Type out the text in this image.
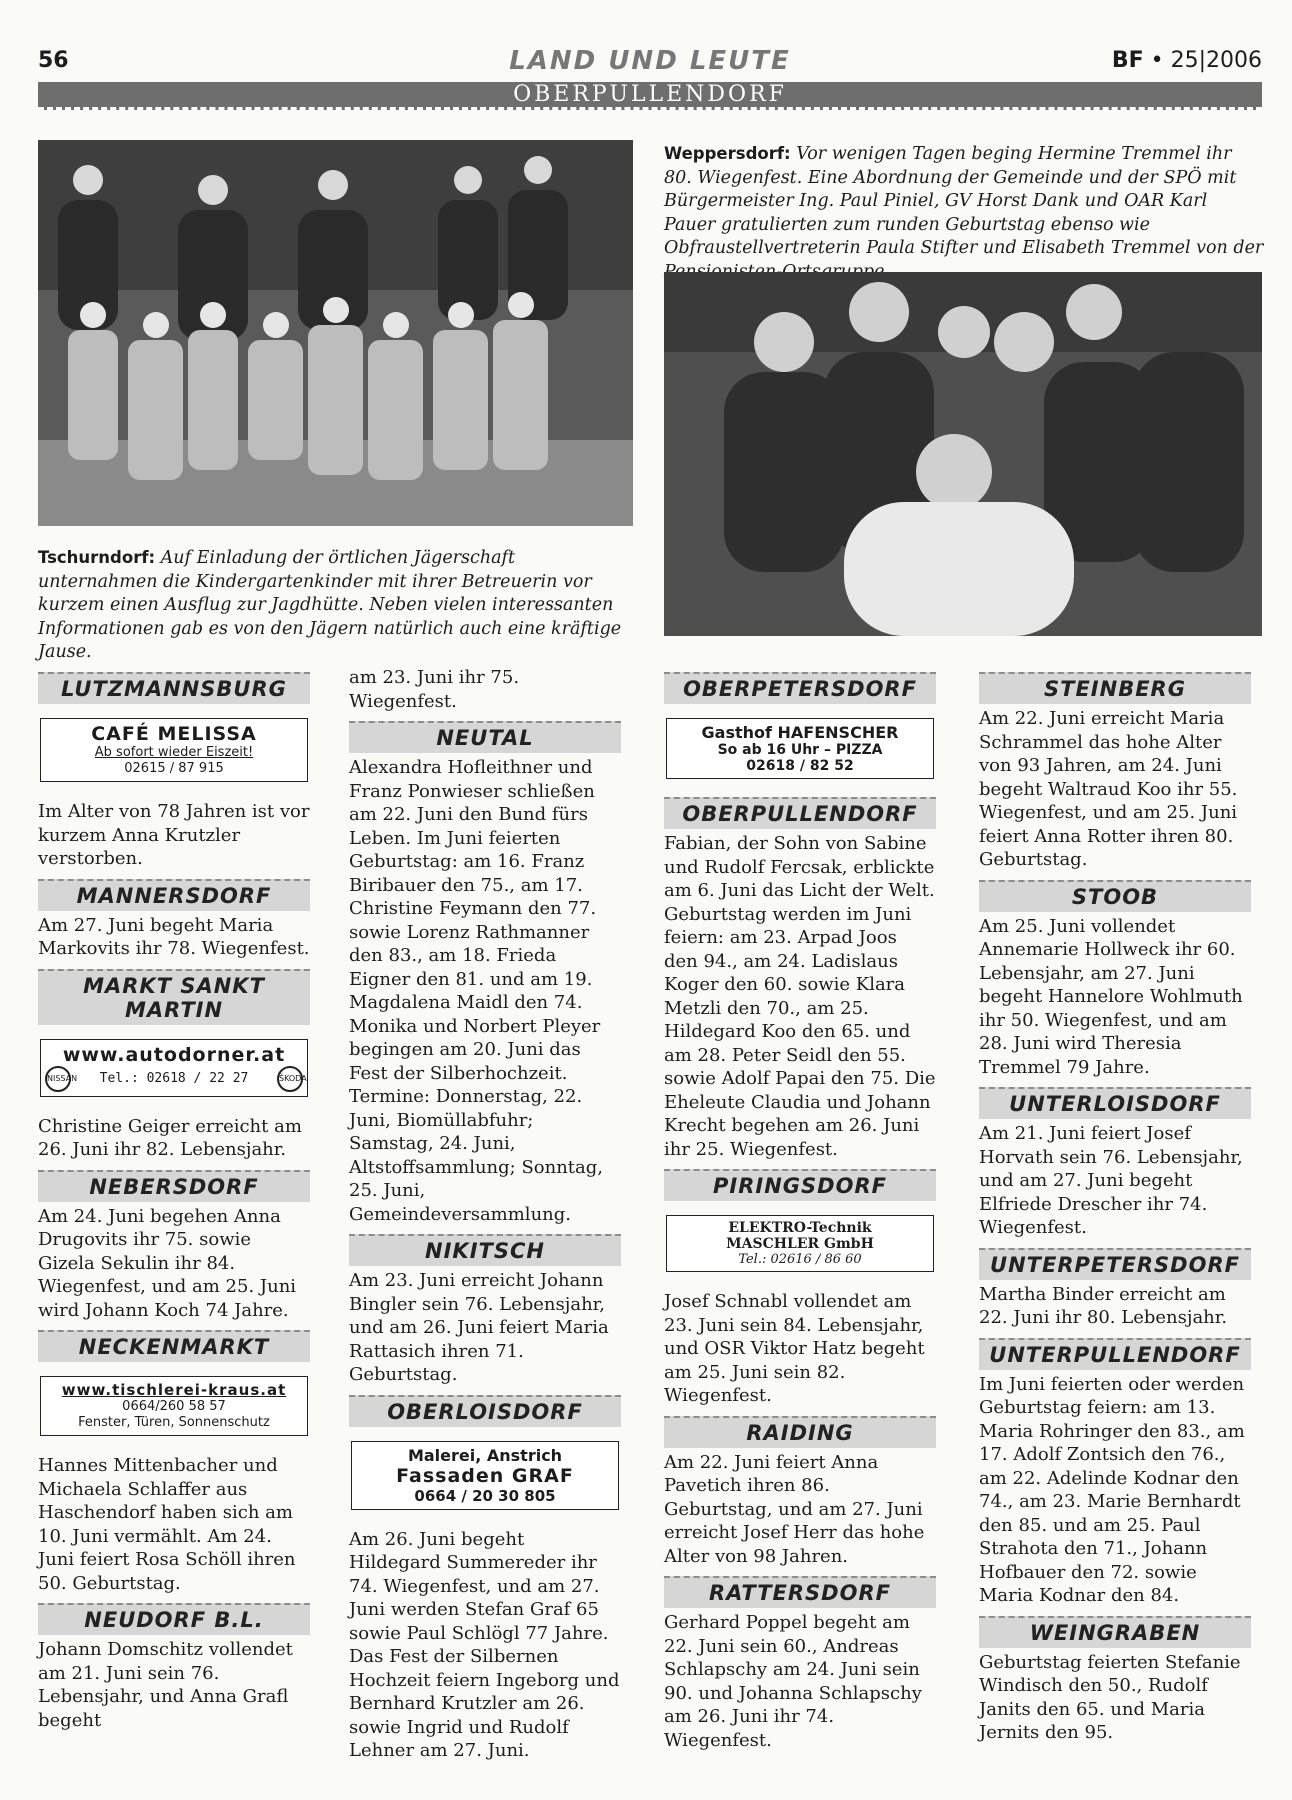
56	LAND UND LEUTE	BF • 25|2006
OBERPULLENDORF
Tschurndorf: Auf Einladung der örtlichen Jägerschaft unternahmen die Kindergartenkinder mit ihrer Betreuerin vor kurzem einen Ausflug zur Jagdhütte. Neben vielen interessanten Informationen gab es von den Jägern natürlich auch eine kräftige Jause.
Weppersdorf: Vor wenigen Tagen beging Hermine Tremmel ihr 80. Wiegenfest. Eine Abordnung der Gemeinde und der SPÖ mit Bürgermeister Ing. Paul Piniel, GV Horst Dank und OAR Karl Pauer gratulierten zum runden Geburtstag ebenso wie Obfraustellvertreterin Paula Stifter und Elisabeth Tremmel von der
LUTZMANNSBURG
CAFÉ MELISSA
Ab sofort wieder Eiszeit!
02615 / 87 915

Im Alter von 78 Jahren ist vor kurzem Anna Krutzler verstorben.

MANNERSDORF

Am 27. Juni begeht Maria Markovits ihr 78. Wiegenfest.

MARKT SANKT MARTIN
www.autodorner.at
NISSAN Tel.: 02618 / 22 27	ŠKODA

Christine Geiger erreicht am 26. Juni ihr 82. Lebensjahr.

NEBERSDORF

Am 24. Juni begehen Anna Drugovits ihr 75. sowie Gizela Sekulin ihr 84. Wiegenfest, und am 25. Juni wird Johann Koch 74 Jahre.

NECKENMARKT
www.tischlerei-kraus.at
0664/260 58 57
Fenster, Türen, Sonnenschutz

Hannes Mittenbacher und Michaela Schlaffer aus Haschendorf haben sich am 10. Juni vermählt. Am 24. Juni feiert Rosa Schöll ihren 50. Geburtstag.

NEUDORF B.L.

Johann Domschitz vollendet am 21. Juni sein 76. Lebensjahr, und Anna Grafl begeht

am 23. Juni ihr 75. Wiegenfest.

NEUTAL

Alexandra Hofleithner und Franz Ponwieser schließen am 22. Juni den Bund fürs Leben. Im Juni feierten Geburtstag: am 16. Franz Biribauer den 75., am 17. Christine Feymann den 77. sowie Lorenz Rathmanner den 83., am 18. Frieda Eigner den 81. und am 19. Magdalena Maidl den 74. Monika und Norbert Pleyer begingen am 20. Juni das Fest der Silberhochzeit. Termine: Donnerstag, 22. Juni, Biomüllabfuhr; Samstag, 24. Juni, Altstoffsammlung; Sonntag, 25. Juni, Gemeindeversammlung.

NIKITSCH

Am 23. Juni erreicht Johann Bingler sein 76. Lebensjahr, und am 26. Juni feiert Maria Rattasich ihren 71. Geburtstag.

OBERLOISDORF
Malerei, Anstrich
Fassaden GRAF
0664 / 20 30 805

Am 26. Juni begeht Hildegard Summereder ihr 74. Wiegenfest, und am 27. Juni werden Stefan Graf 65 sowie Paul Schlögl 77 Jahre. Das Fest der Silbernen Hochzeit feiern Ingeborg und Bernhard Krutzler am 26. sowie Ingrid und Rudolf Lehner am 27. Juni.

OBERPETERSDORF
Gasthof HAFENSCHER
So ab 16 Uhr – PIZZA
02618 / 82 52
OBERPULLENDORF

Fabian, der Sohn von Sabine und Rudolf Fercsak, erblickte am 6. Juni das Licht der Welt. Geburtstag werden im Juni feiern: am 23. Arpad Joos den 94., am 24. Ladislaus Koger den 60. sowie Klara Metzli den 70., am 25. Hildegard Koo den 65. und am 28. Peter Seidl den 55. sowie Adolf Papai den 75. Die Eheleute Claudia und Johann Krecht begehen am 26. Juni ihr 25. Wiegenfest.

PIRINGSDORF
ELEKTRO-Technik
MASCHLER GmbH
Tel.: 02616 / 86 60

Josef Schnabl vollendet am 23. Juni sein 84. Lebensjahr, und OSR Viktor Hatz begeht am 25. Juni sein 82. Wiegenfest.

RAIDING

Am 22. Juni feiert Anna Pavetich ihren 86. Geburtstag, und am 27. Juni erreicht Josef Herr das hohe Alter von 98 Jahren.

RATTERSDORF

Gerhard Poppel begeht am 22. Juni sein 60., Andreas Schlapschy am 24. Juni sein 90. und Johanna Schlapschy am 26. Juni ihr 74. Wiegenfest.

STEINBERG

Am 22. Juni erreicht Maria Schrammel das hohe Alter von 93 Jahren, am 24. Juni begeht Waltraud Koo ihr 55. Wiegenfest, und am 25. Juni feiert Anna Rotter ihren 80. Geburtstag.

STOOB

Am 25. Juni vollendet Annemarie Hollweck ihr 60. Lebensjahr, am 27. Juni begeht Hannelore Wohlmuth ihr 50. Wiegenfest, und am 28. Juni wird Theresia Tremmel 79 Jahre.

UNTERLOISDORF

Am 21. Juni feiert Josef Horvath sein 76. Lebensjahr, und am 27. Juni begeht Elfriede Drescher ihr 74. Wiegenfest.

UNTERPETERSDORF

Martha Binder erreicht am 22. Juni ihr 80. Lebensjahr.

UNTERPULLENDORF

Im Juni feierten oder werden Geburtstag feiern: am 13. Maria Rohringer den 83., am 17. Adolf Zontsich den 76., am 22. Adelinde Kodnar den 74., am 23. Marie Bernhardt den 85. und am 25. Paul Strahota den 71., Johann Hofbauer den 72. sowie Maria Kodnar den 84.

WEINGRABEN

Geburtstag feierten Stefanie Windisch den 50., Rudolf Janits den 65. und Maria Jernits den 95.
